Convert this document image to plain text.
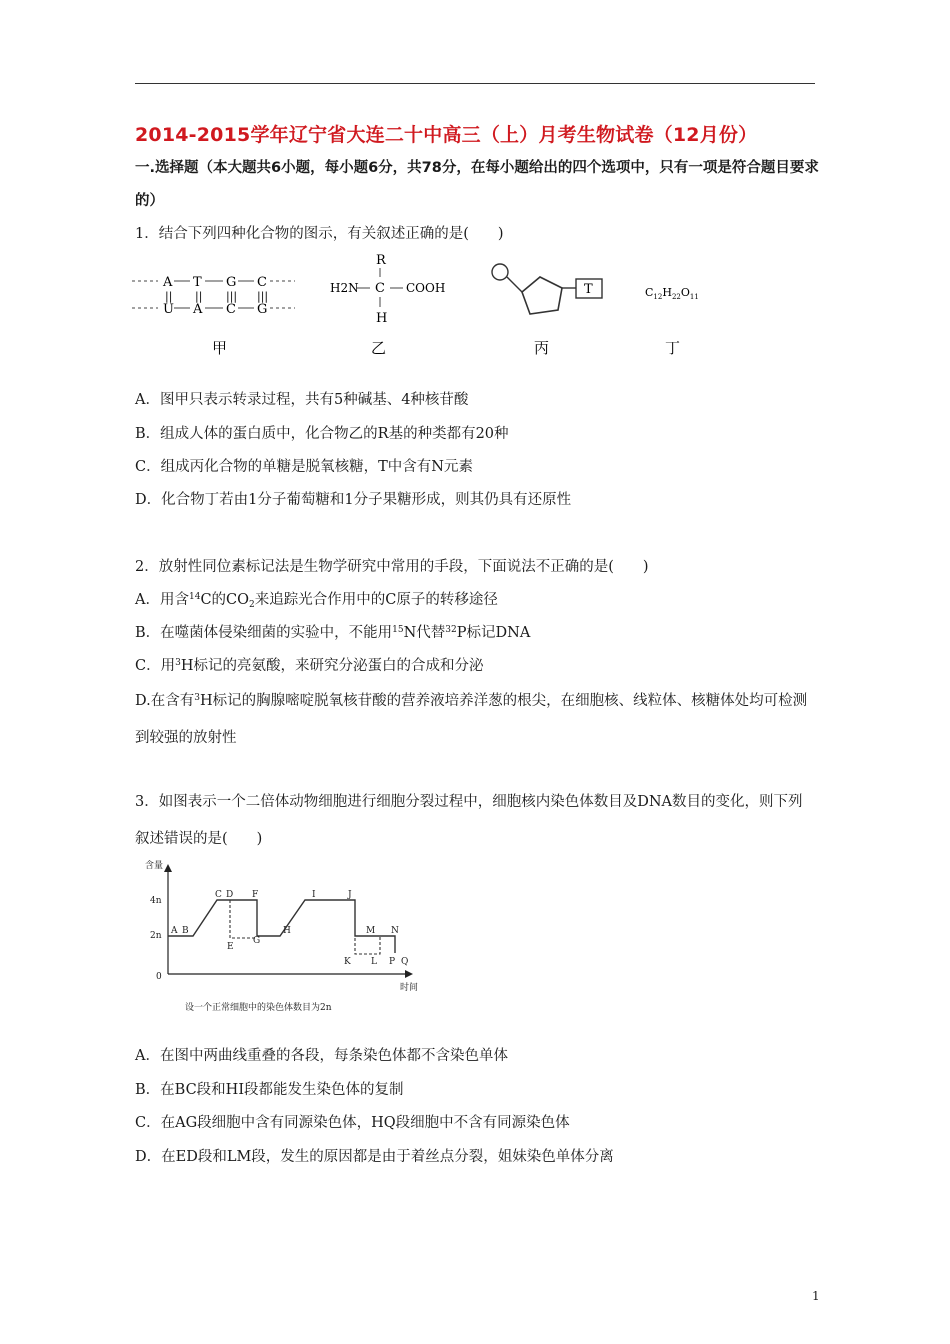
2014-2015学年辽宁省大连二十中高三（上）月考生物试卷（12月份）
一.选择题（本大题共6小题，每小题6分，共78分，在每小题给出的四个选项中，只有一项是符合题目要求的）
1．结合下列四种化合物的图示，有关叙述正确的是(　　)
A T G C
|| || ||| |||
U A C G
甲
R
H2N C COOH
H
乙
T
丙
$C_{12}H_{22}O_{11}$
丁
A．图甲只表示转录过程，共有5种碱基、4种核苷酸
B．组成人体的蛋白质中，化合物乙的R基的种类都有20种
C．组成丙化合物的单糖是脱氧核糖，T中含有N元素
D．化合物丁若由1分子葡萄糖和1分子果糖形成，则其仍具有还原性
2．放射性同位素标记法是生物学研究中常用的手段，下面说法不正确的是(　　)
A．用含$^{14}$C的$CO_2$来追踪光合作用中的C原子的转移途径
B．在噬菌体侵染细菌的实验中，不能用$^{15}$N代替$^{32}$P标记DNA
C．用$^3$H标记的亮氨酸，来研究分泌蛋白的合成和分泌
D.在含有$^3$H标记的胸腺嘧啶脱氧核苷酸的营养液培养洋葱的根尖，在细胞核、线粒体、核糖体处均可检测到较强的放射性
3．如图表示一个二倍体动物细胞进行细胞分裂过程中，细胞核内染色体数目及DNA数目的变化，则下列叙述错误的是(　　)
含量
4n
2n
0
时间
A B
C D
E
F
G
H
I	J
K L
M N
P Q
设一个正常细胞中的染色体数目为2n
A．在图中两曲线重叠的各段，每条染色体都不含染色单体
B．在BC段和HI段都能发生染色体的复制
C．在AG段细胞中含有同源染色体，HQ段细胞中不含有同源染色体
D．在ED段和LM段，发生的原因都是由于着丝点分裂，姐妹染色单体分离
1
